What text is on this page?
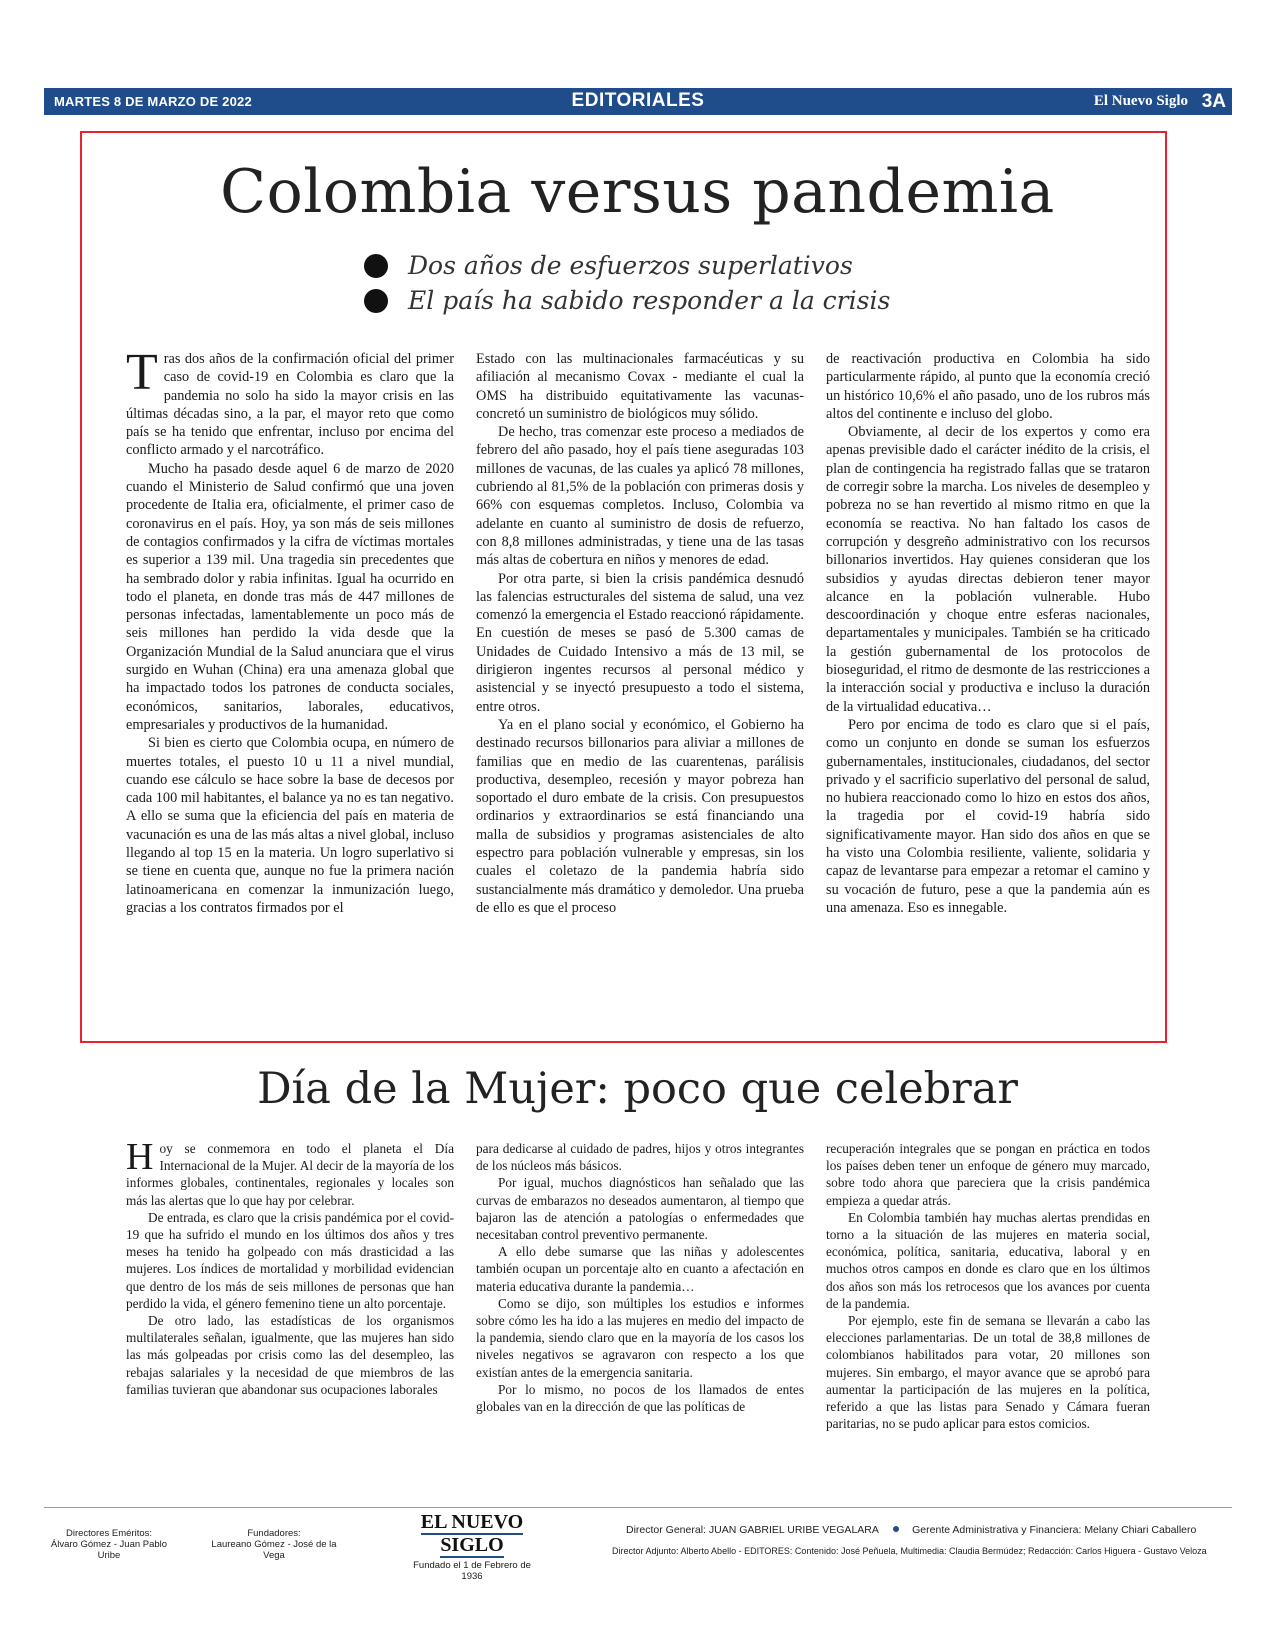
MARTES 8 DE MARZO DE 2022	EDITORIALES	El Nuevo Siglo 3A
Colombia versus pandemia
Dos años de esfuerzos superlativos
El país ha sabido responder a la crisis

Tras dos años de la confirmación oficial del primer caso de covid-19 en Colombia es claro que la pandemia no solo ha sido la mayor crisis en las últimas décadas sino, a la par, el mayor reto que como país se ha tenido que enfrentar, incluso por encima del conflicto armado y el narcotráfico.

Mucho ha pasado desde aquel 6 de marzo de 2020 cuando el Ministerio de Salud confirmó que una joven procedente de Italia era, oficialmente, el primer caso de coronavirus en el país. Hoy, ya son más de seis millones de contagios confirmados y la cifra de víctimas mortales es superior a 139 mil. Una tragedia sin precedentes que ha sembrado dolor y rabia infinitas. Igual ha ocurrido en todo el planeta, en donde tras más de 447 millones de personas infectadas, lamentablemente un poco más de seis millones han perdido la vida desde que la Organización Mundial de la Salud anunciara que el virus surgido en Wuhan (China) era una amenaza global que ha impactado todos los patrones de conducta sociales, económicos, sanitarios, laborales, educativos, empresariales y productivos de la humanidad.

Si bien es cierto que Colombia ocupa, en número de muertes totales, el puesto 10 u 11 a nivel mundial, cuando ese cálculo se hace sobre la base de decesos por cada 100 mil habitantes, el balance ya no es tan negativo. A ello se suma que la eficiencia del país en materia de vacunación es una de las más altas a nivel global, incluso llegando al top 15 en la materia. Un logro superlativo si se tiene en cuenta que, aunque no fue la primera nación latinoamericana en comenzar la inmunización luego, gracias a los contratos firmados por el

Estado con las multinacionales farmacéuticas y su afiliación al mecanismo Covax - mediante el cual la OMS ha distribuido equitativamente las vacunas- concretó un suministro de biológicos muy sólido.

De hecho, tras comenzar este proceso a mediados de febrero del año pasado, hoy el país tiene aseguradas 103 millones de vacunas, de las cuales ya aplicó 78 millones, cubriendo al 81,5% de la población con primeras dosis y 66% con esquemas completos. Incluso, Colombia va adelante en cuanto al suministro de dosis de refuerzo, con 8,8 millones administradas, y tiene una de las tasas más altas de cobertura en niños y menores de edad.

Por otra parte, si bien la crisis pandémica desnudó las falencias estructurales del sistema de salud, una vez comenzó la emergencia el Estado reaccionó rápidamente. En cuestión de meses se pasó de 5.300 camas de Unidades de Cuidado Intensivo a más de 13 mil, se dirigieron ingentes recursos al personal médico y asistencial y se inyectó presupuesto a todo el sistema, entre otros.

Ya en el plano social y económico, el Gobierno ha destinado recursos billonarios para aliviar a millones de familias que en medio de las cuarentenas, parálisis productiva, desempleo, recesión y mayor pobreza han soportado el duro embate de la crisis. Con presupuestos ordinarios y extraordinarios se está financiando una malla de subsidios y programas asistenciales de alto espectro para población vulnerable y empresas, sin los cuales el coletazo de la pandemia habría sido sustancialmente más dramático y demoledor. Una prueba de ello es que el proceso

de reactivación productiva en Colombia ha sido particularmente rápido, al punto que la economía creció un histórico 10,6% el año pasado, uno de los rubros más altos del continente e incluso del globo.

Obviamente, al decir de los expertos y como era apenas previsible dado el carácter inédito de la crisis, el plan de contingencia ha registrado fallas que se trataron de corregir sobre la marcha. Los niveles de desempleo y pobreza no se han revertido al mismo ritmo en que la economía se reactiva. No han faltado los casos de corrupción y desgreño administrativo con los recursos billonarios invertidos. Hay quienes consideran que los subsidios y ayudas directas debieron tener mayor alcance en la población vulnerable. Hubo descoordinación y choque entre esferas nacionales, departamentales y municipales. También se ha criticado la gestión gubernamental de los protocolos de bioseguridad, el ritmo de desmonte de las restricciones a la interacción social y productiva e incluso la duración de la virtualidad educativa…

Pero por encima de todo es claro que si el país, como un conjunto en donde se suman los esfuerzos gubernamentales, institucionales, ciudadanos, del sector privado y el sacrificio superlativo del personal de salud, no hubiera reaccionado como lo hizo en estos dos años, la tragedia por el covid-19 habría sido significativamente mayor. Han sido dos años en que se ha visto una Colombia resiliente, valiente, solidaria y capaz de levantarse para empezar a retomar el camino y su vocación de futuro, pese a que la pandemia aún es una amenaza. Eso es innegable.

Día de la Mujer: poco que celebrar

Hoy se conmemora en todo el planeta el Día Internacional de la Mujer. Al decir de la mayoría de los informes globales, continentales, regionales y locales son más las alertas que lo que hay por celebrar.

De entrada, es claro que la crisis pandémica por el covid-19 que ha sufrido el mundo en los últimos dos años y tres meses ha tenido ha golpeado con más drasticidad a las mujeres. Los índices de mortalidad y morbilidad evidencian que dentro de los más de seis millones de personas que han perdido la vida, el género femenino tiene un alto porcentaje.

De otro lado, las estadísticas de los organismos multilaterales señalan, igualmente, que las mujeres han sido las más golpeadas por crisis como las del desempleo, las rebajas salariales y la necesidad de que miembros de las familias tuvieran que abandonar sus ocupaciones laborales

para dedicarse al cuidado de padres, hijos y otros integrantes de los núcleos más básicos.

Por igual, muchos diagnósticos han señalado que las curvas de embarazos no deseados aumentaron, al tiempo que bajaron las de atención a patologías o enfermedades que necesitaban control preventivo permanente.

A ello debe sumarse que las niñas y adolescentes también ocupan un porcentaje alto en cuanto a afectación en materia educativa durante la pandemia…

Como se dijo, son múltiples los estudios e informes sobre cómo les ha ido a las mujeres en medio del impacto de la pandemia, siendo claro que en la mayoría de los casos los niveles negativos se agravaron con respecto a los que existían antes de la emergencia sanitaria.

Por lo mismo, no pocos de los llamados de entes globales van en la dirección de que las políticas de

recuperación integrales que se pongan en práctica en todos los países deben tener un enfoque de género muy marcado, sobre todo ahora que pareciera que la crisis pandémica empieza a quedar atrás.

En Colombia también hay muchas alertas prendidas en torno a la situación de las mujeres en materia social, económica, política, sanitaria, educativa, laboral y en muchos otros campos en donde es claro que en los últimos dos años son más los retrocesos que los avances por cuenta de la pandemia.

Por ejemplo, este fin de semana se llevarán a cabo las elecciones parlamentarias. De un total de 38,8 millones de colombianos habilitados para votar, 20 millones son mujeres. Sin embargo, el mayor avance que se aprobó para aumentar la participación de las mujeres en la política, referido a que las listas para Senado y Cámara fueran paritarias, no se pudo aplicar para estos comicios.

Directores Eméritos:
Álvaro Gómez - Juan Pablo Uribe
Fundadores:
Laureano Gómez - José de la Vega
EL NUEVO SIGLO
Fundado el 1 de Febrero de 1936
Director General: JUAN GABRIEL URIBE VEGALARA	Gerente Administrativa y Financiera: Melany Chiari Caballero
Director Adjunto: Alberto Abello - EDITORES: Contenido: José Peñuela, Multimedia: Claudia Bermúdez; Redacción: Carlos Higuera - Gustavo Veloza
